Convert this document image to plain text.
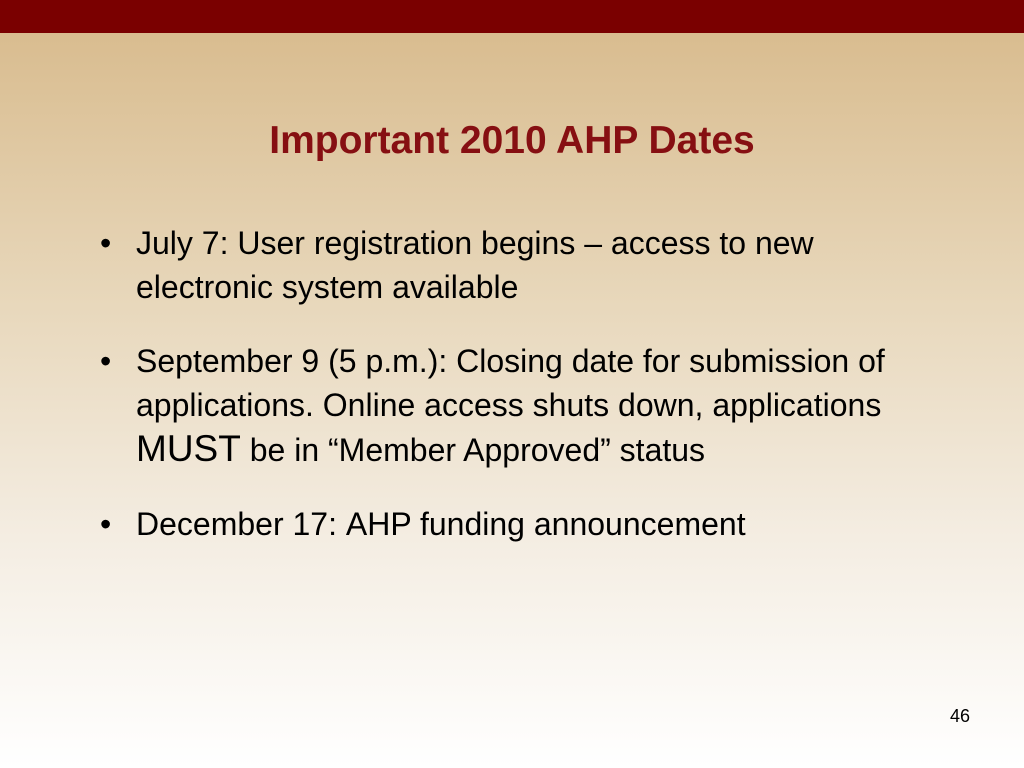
Important 2010 AHP Dates
• July 7: User registration begins – access to new electronic system available
• September 9 (5 p.m.): Closing date for submission of applications. Online access shuts down, applications MUST be in “Member Approved” status
• December 17: AHP funding announcement
46
